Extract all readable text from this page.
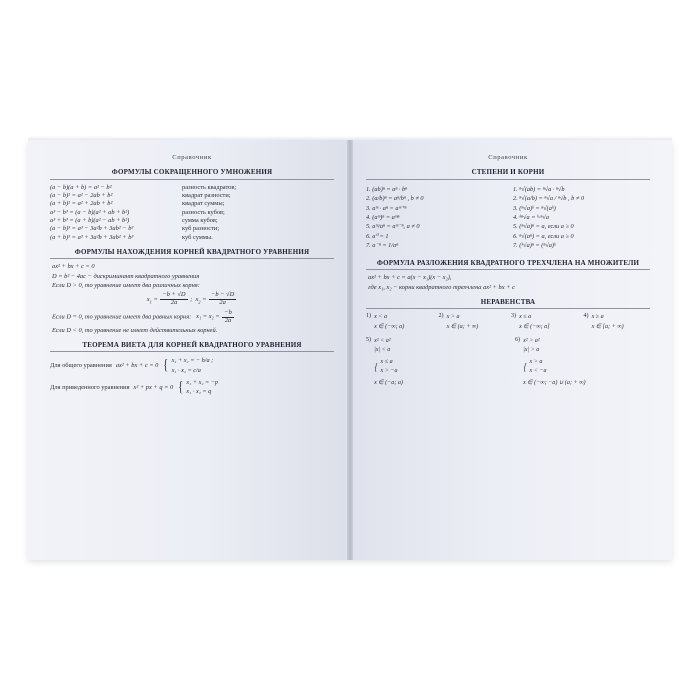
Справочник
ФОРМУЛЫ СОКРАЩЕННОГО УМНОЖЕНИЯ
(a − b)(a + b) = a² − b²	разность квадратов;
(a − b)² = a² − 2ab + b²	квадрат разности;
(a + b)² = a² + 2ab + b²	квадрат суммы;
a³ − b³ = (a − b)(a² + ab + b²)	разность кубов;
a³ + b³ = (a + b)(a² − ab + b²)	сумма кубов;
(a − b)³ = a³ − 3a²b + 3ab² − b³	куб разности;
(a + b)³ = a³ + 3a²b + 3ab² + b³	куб суммы.
ФОРМУЛЫ НАХОЖДЕНИЯ КОРНЕЙ КВАДРАТНОГО УРАВНЕНИЯ
ax² + bx + c = 0
D = b² − 4ac − дискриминант квадратного уравнения
Если D > 0, то уравнение имеет два различных корня:
$x_1 = \frac{-b + √D}{2a}$ ;  $x_2 = \frac{-b - √D}{2a}$
Если D = 0, то уравнение имеет два равных корня: $x_1 = x_2 = \frac{-b}{2a}$
Если D < 0, то уравнение не имеет действительных корней.
ТЕОРЕМА ВИЕТА ДЛЯ КОРНЕЙ КВАДРАТНОГО УРАВНЕНИЯ
Для общего уравнения ax² + bx + c = 0 { x₁ + x₂ = − b/a ;
x₁ · x₂ = c/a
Для приведенного уравнения x² + px + q = 0 { x₁ + x₂ = −p
x₁ · x₂ = q
Справочник
СТЕПЕНИ И КОРНИ
1. (ab)ⁿ = aⁿ · bⁿ
2. (a/b)ⁿ = aⁿ/bⁿ , b ≠ 0
3. aᵐ · aⁿ = aᵐ⁺ⁿ
4. (aᵐ)ⁿ = aᵐⁿ
5. aᵐ/aⁿ = aᵐ⁻ⁿ, a ≠ 0
6. a⁰ = 1
7. a⁻ⁿ = 1/aⁿ
1. ⁿ√(ab) = ⁿ√a · ⁿ√b
2. ⁿ√(a/b) = ⁿ√a / ⁿ√b , b ≠ 0
3. (ⁿ√a)ᵏ = ⁿ√(aᵏ)
4. ᵏⁿ√a = ᵏ·ⁿ√a
5. (ⁿ√a)ⁿ = a, если a ≥ 0
6. ⁿ√(aⁿ) = a, если a ≥ 0
7. (ᵏ√a)ⁿ = (ⁿ√a)ᵏ
ФОРМУЛА РАЗЛОЖЕНИЯ КВАДРАТНОГО ТРЕХЧЛЕНА НА МНОЖИТЕЛИ
ax² + bx + c = a(x − x₁)(x − x₂),
где x₁, x₂ − корни квадратного трехчлена ax² + bx + c
НЕРАВЕНСТВА
1) x < a
x ∈ (−∞; a)
2) x > a
x ∈ (a; + ∞)
3) x ≤ a
x ∈ (−∞; a]
4) x ≥ a
x ∈ [a; + ∞)
5) x² < a²
|x| < a
{ x ≤ a
x > −a
x ∈ (−a; a)
6) x² > a²
|x| > a
{ x > a
x < −a
x ∈ (−∞; −a) ∪ (a; + ∞)
